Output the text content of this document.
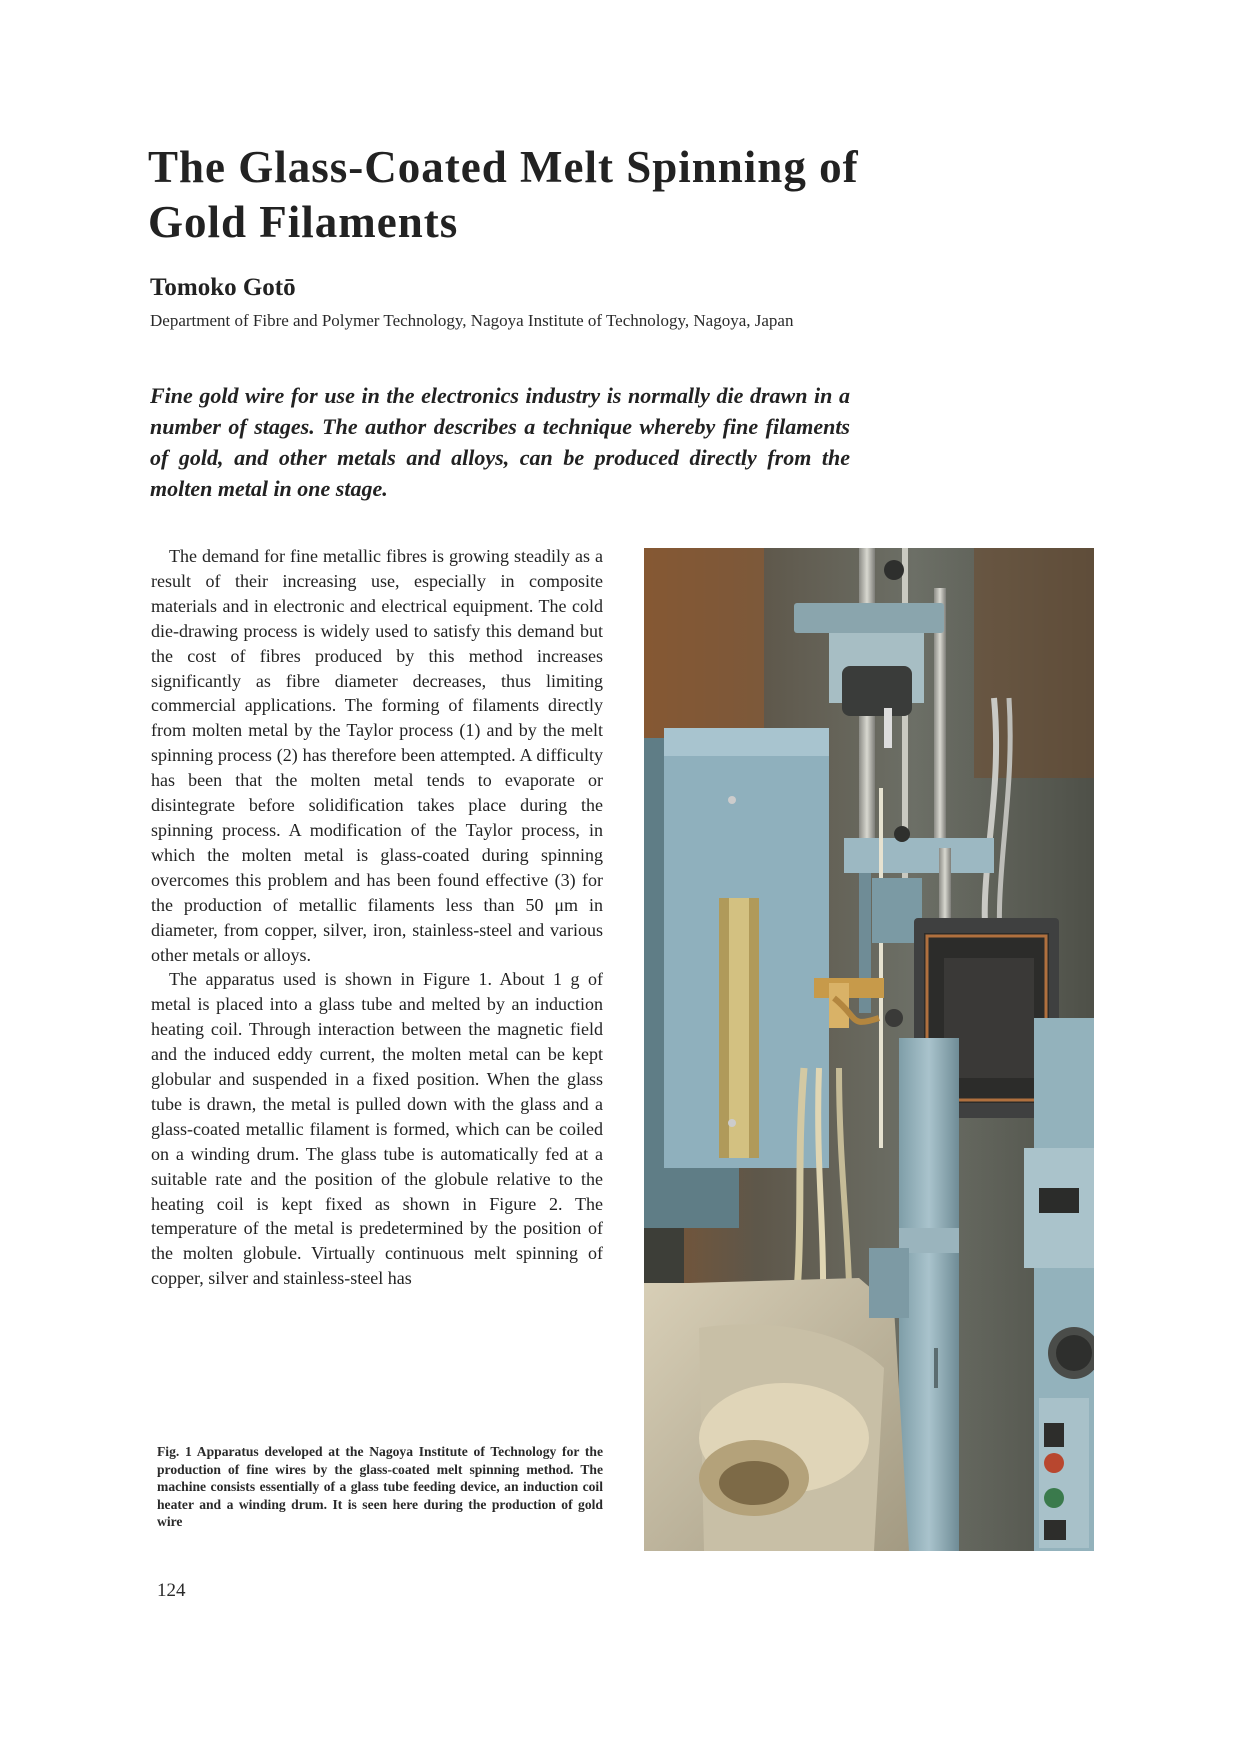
The Glass-Coated Melt Spinning of Gold Filaments
Tomoko Gotō

Department of Fibre and Polymer Technology, Nagoya Institute of Technology, Nagoya, Japan

Fine gold wire for use in the electronics industry is normally die drawn in a number of stages. The author describes a technique whereby fine filaments of gold, and other metals and alloys, can be produced directly from the molten metal in one stage.

The demand for fine metallic fibres is growing steadily as a result of their increasing use, especially in composite materials and in electronic and electrical equipment. The cold die-drawing process is widely used to satisfy this demand but the cost of fibres produced by this method increases significantly as fibre diameter decreases, thus limiting commercial applications. The forming of filaments directly from molten metal by the Taylor process (1) and by the melt spinning process (2) has therefore been attempted. A difficulty has been that the molten metal tends to evaporate or disintegrate before solidification takes place during the spinning process. A modification of the Taylor process, in which the molten metal is glass-coated during spinning overcomes this problem and has been found effective (3) for the production of metallic filaments less than 50 μm in diameter, from copper, silver, iron, stainless-steel and various other metals or alloys.

The apparatus used is shown in Figure 1. About 1 g of metal is placed into a glass tube and melted by an induction heating coil. Through interaction between the magnetic field and the induced eddy current, the molten metal can be kept globular and suspended in a fixed position. When the glass tube is drawn, the metal is pulled down with the glass and a glass-coated metallic filament is formed, which can be coiled on a winding drum. The glass tube is automatically fed at a suitable rate and the position of the globule relative to the heating coil is kept fixed as shown in Figure 2. The temperature of the metal is predetermined by the position of the molten globule. Virtually continuous melt spinning of copper, silver and stainless-steel has

Fig. 1 Apparatus developed at the Nagoya Institute of Technology for the production of fine wires by the glass-coated melt spinning method. The machine consists essentially of a glass tube feeding device, an induction coil heater and a winding drum. It is seen here during the production of gold wire

124
